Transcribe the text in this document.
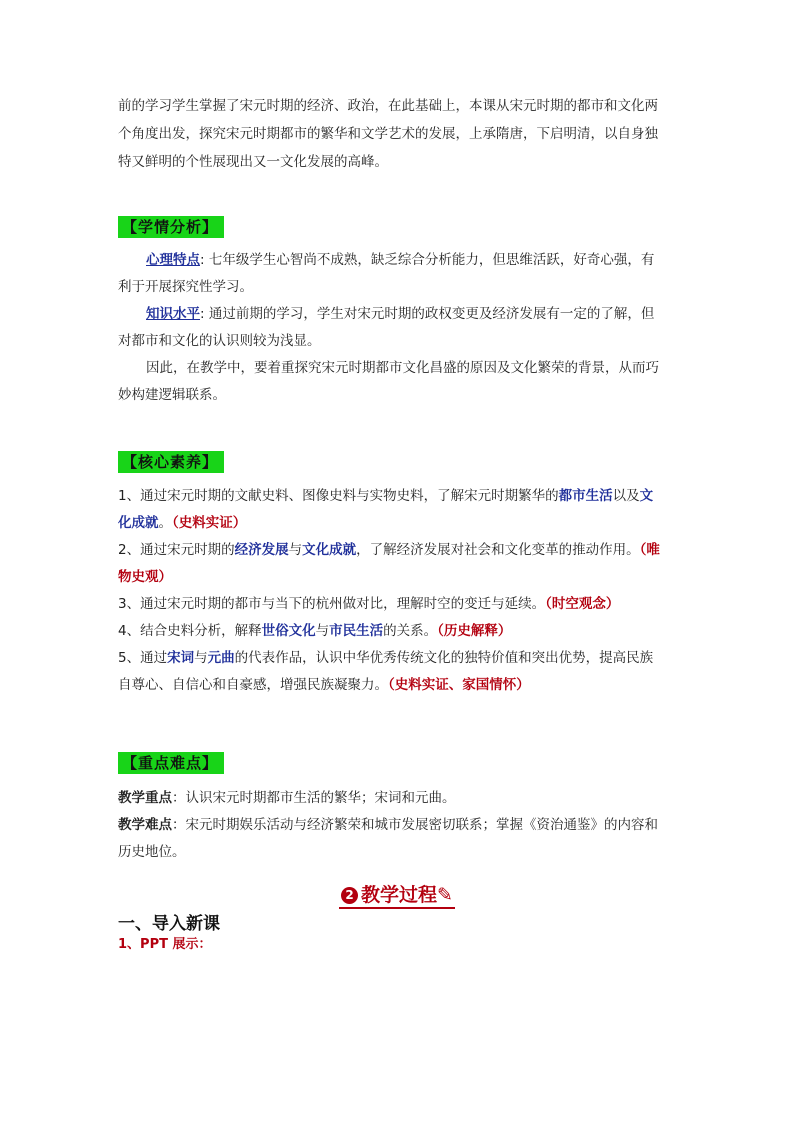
前的学习学生掌握了宋元时期的经济、政治，在此基础上，本课从宋元时期的都市和文化两
个角度出发，探究宋元时期都市的繁华和文学艺术的发展，上承隋唐，下启明清，以自身独
特又鲜明的个性展现出又一文化发展的高峰。
【学情分析】
心理特点: 七年级学生心智尚不成熟，缺乏综合分析能力，但思维活跃，好奇心强，有
利于开展探究性学习。
知识水平: 通过前期的学习，学生对宋元时期的政权变更及经济发展有一定的了解，但
对都市和文化的认识则较为浅显。
因此，在教学中，要着重探究宋元时期都市文化昌盛的原因及文化繁荣的背景，从而巧
妙构建逻辑联系。
【核心素养】
1、通过宋元时期的文献史料、图像史料与实物史料，了解宋元时期繁华的都市生活以及文
化成就。（史料实证）
2、通过宋元时期的经济发展与文化成就，了解经济发展对社会和文化变革的推动作用。（唯
物史观）
3、通过宋元时期的都市与当下的杭州做对比，理解时空的变迁与延续。（时空观念）
4、结合史料分析，解释世俗文化与市民生活的关系。（历史解释）
5、通过宋词与元曲的代表作品，认识中华优秀传统文化的独特价值和突出优势，提高民族
自尊心、自信心和自豪感，增强民族凝聚力。（史料实证、家国情怀）
【重点难点】
教学重点：认识宋元时期都市生活的繁华；宋词和元曲。
教学难点：宋元时期娱乐活动与经济繁荣和城市发展密切联系；掌握《资治通鉴》的内容和
历史地位。
2 教学过程✎
一、导入新课
1、PPT 展示：
